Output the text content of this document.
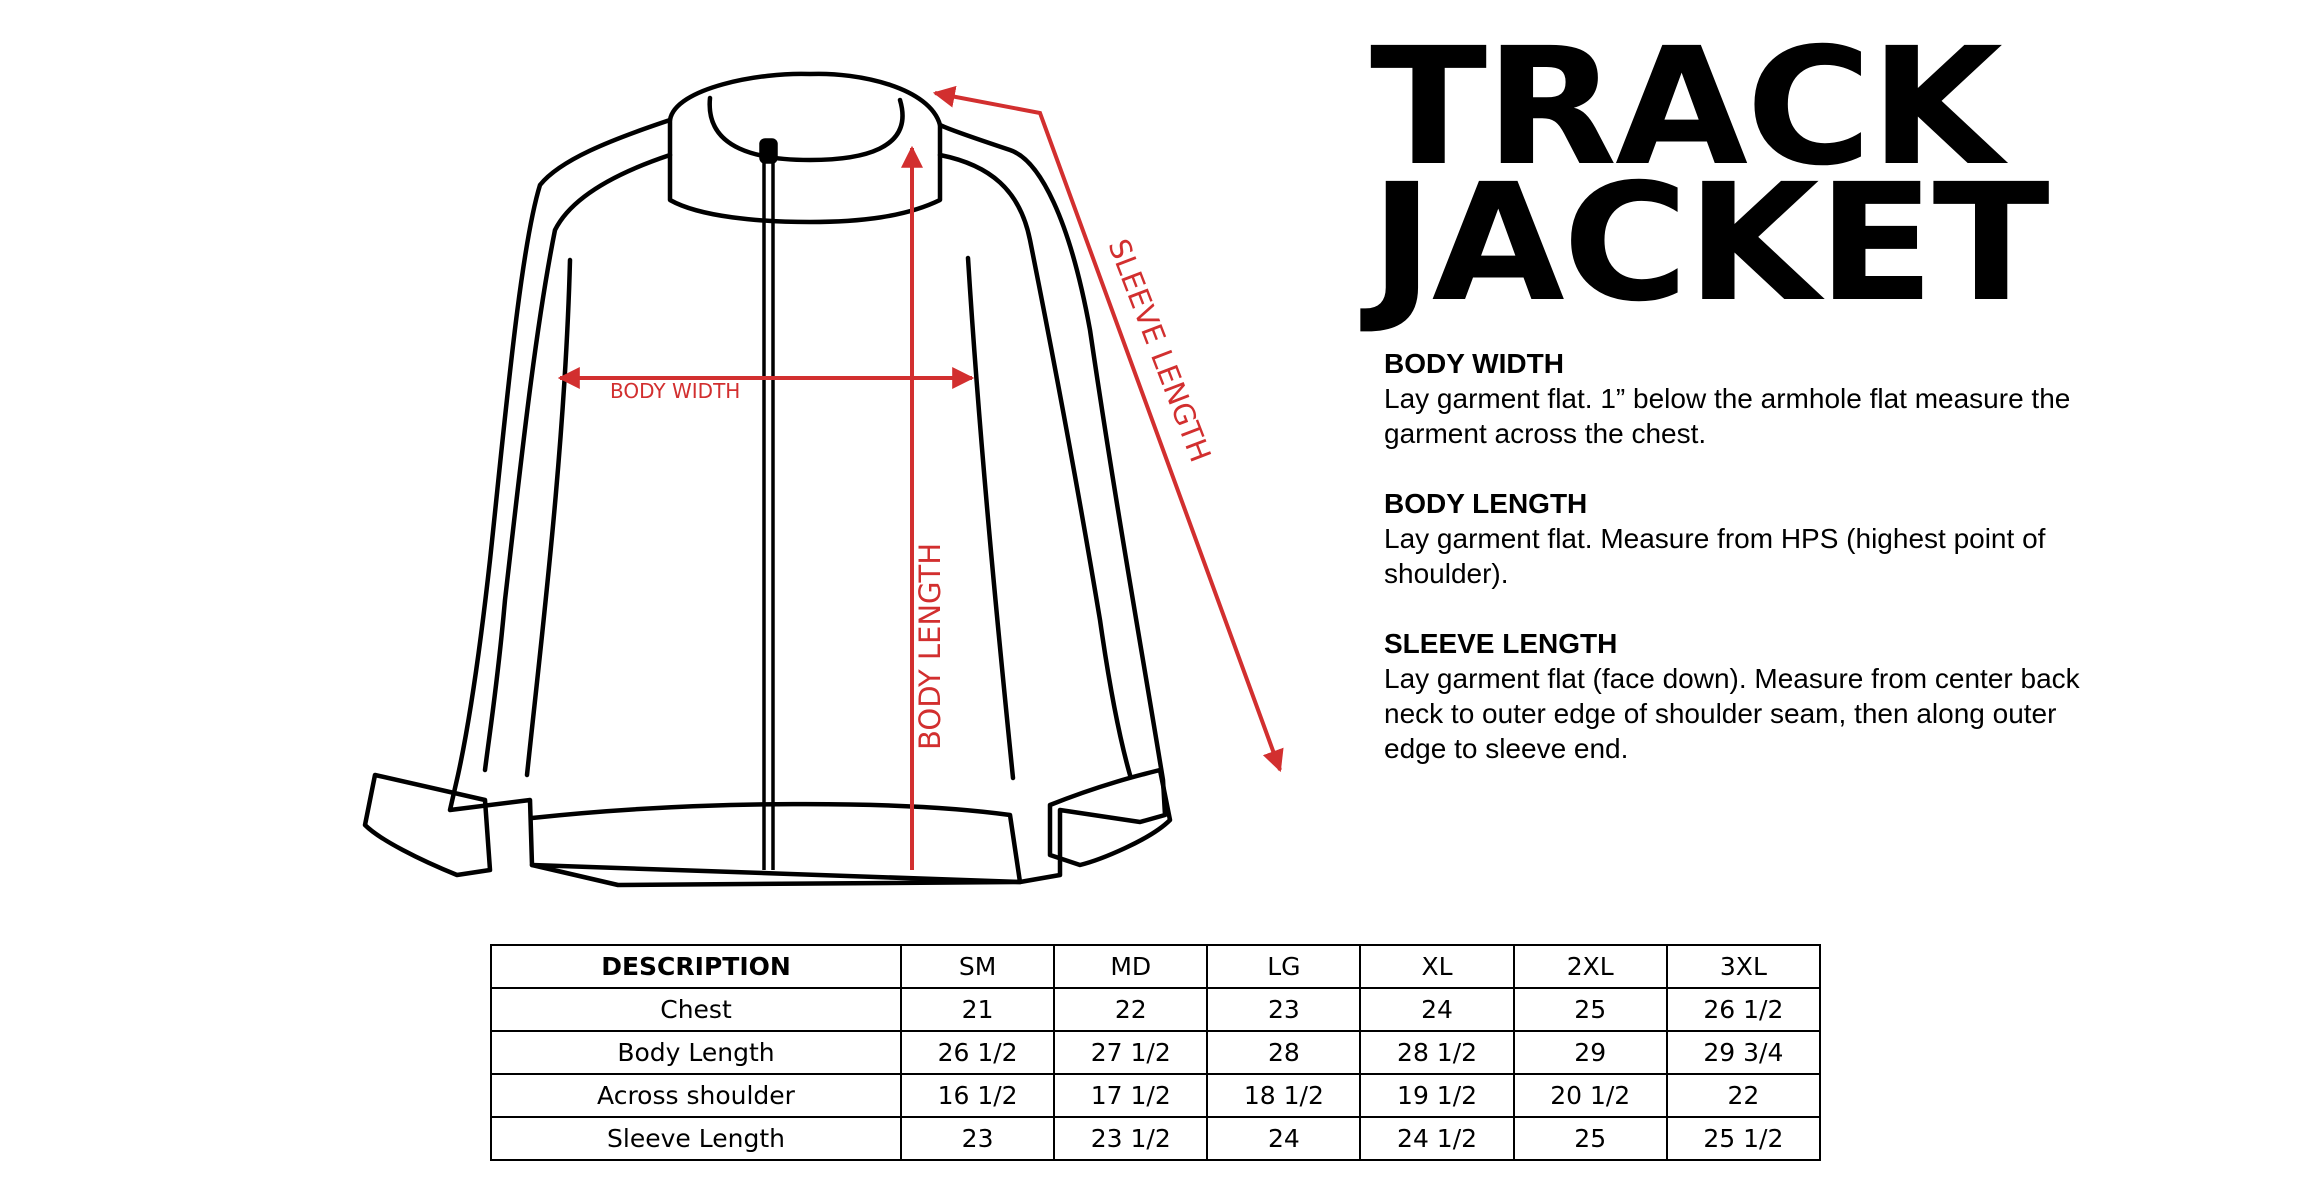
BODY WIDTH
BODY LENGTH
SLEEVE LENGTH
TRACK
JACKET
BODY WIDTH

Lay garment flat. 1” below the armhole flat measure the garment across the chest.

BODY LENGTH

Lay garment flat. Measure from HPS (highest point of shoulder).

SLEEVE LENGTH

Lay garment flat (face down). Measure from center back neck to outer edge of shoulder seam, then along outer edge to sleeve end.

DESCRIPTION	SM	MD	LG	XL	2XL	3XL
Chest	21	22	23	24	25	26 1/2
Body Length	26 1/2	27 1/2	28	28 1/2	29	29 3/4
Across shoulder	16 1/2	17 1/2	18 1/2	19 1/2	20 1/2	22
Sleeve Length	23	23 1/2	24	24 1/2	25	25 1/2
